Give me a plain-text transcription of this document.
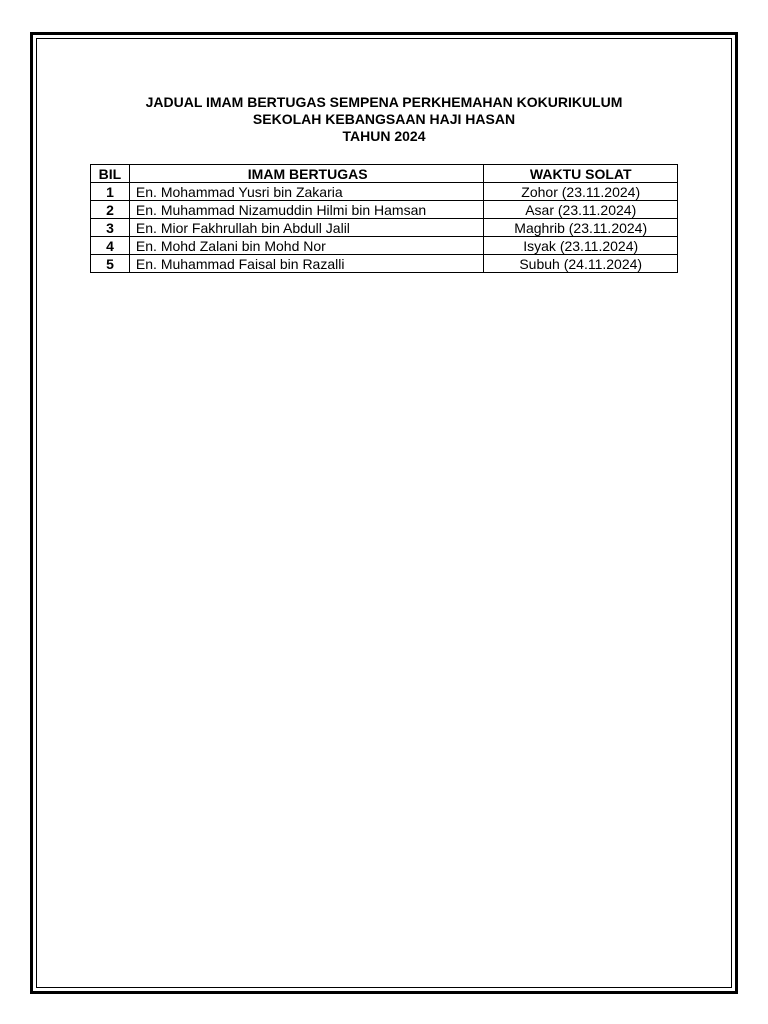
JADUAL IMAM BERTUGAS SEMPENA PERKHEMAHAN KOKURIKULUM
SEKOLAH KEBANGSAAN HAJI HASAN
TAHUN 2024
BIL	IMAM BERTUGAS	WAKTU SOLAT
1	En. Mohammad Yusri bin Zakaria	Zohor (23.11.2024)
2	En. Muhammad Nizamuddin Hilmi bin Hamsan	Asar (23.11.2024)
3	En. Mior Fakhrullah bin Abdull Jalil	Maghrib (23.11.2024)
4	En. Mohd Zalani bin Mohd Nor	Isyak (23.11.2024)
5	En. Muhammad Faisal bin Razalli	Subuh (24.11.2024)
